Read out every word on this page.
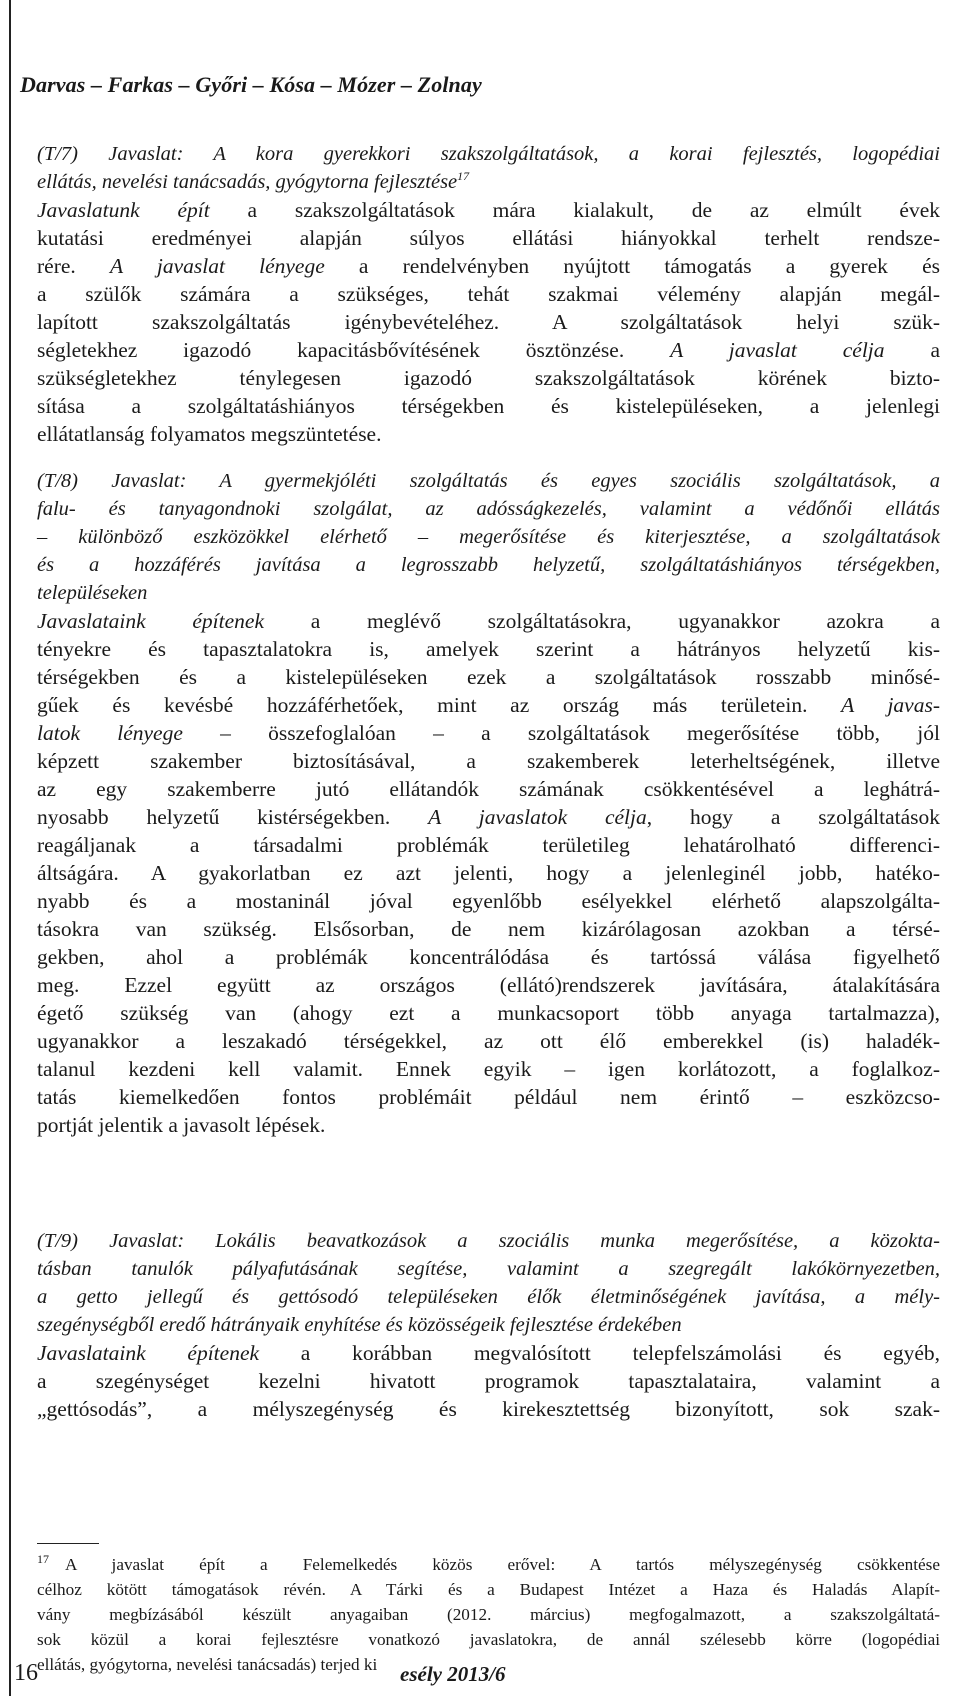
Darvas – Farkas – Győri – Kósa – Mózer – Zolnay
(T/7) Javaslat: A kora gyerekkori szakszolgáltatások, a korai fejlesztés, logopédiai
ellátás, nevelési tanácsadás, gyógytorna fejlesztése$^{17}$
Javaslatunk épít a szakszolgáltatások mára kialakult, de az elmúlt évek
kutatási eredményei alapján súlyos ellátási hiányokkal terhelt rendsze-
rére. A javaslat lényege a rendelvényben nyújtott támogatás a gyerek és
a szülők számára a szükséges, tehát szakmai vélemény alapján megál-
lapított szakszolgáltatás igénybevételéhez. A szolgáltatások helyi szük-
ségletekhez igazodó kapacitásbővítésének ösztönzése. A javaslat célja a
szükségletekhez ténylegesen igazodó szakszolgáltatások körének bizto-
sítása a szolgáltatáshiányos térségekben és kistelepüléseken, a jelenlegi
ellátatlanság folyamatos megszüntetése.
(T/8) Javaslat: A gyermekjóléti szolgáltatás és egyes szociális szolgáltatások, a
falu- és tanyagondnoki szolgálat, az adósságkezelés, valamint a védőnői ellátás
– különböző eszközökkel elérhető – megerősítése és kiterjesztése, a szolgáltatások
és a hozzáférés javítása a legrosszabb helyzetű, szolgáltatáshiányos térségekben,
településeken
Javaslataink építenek a meglévő szolgáltatásokra, ugyanakkor azokra a
tényekre és tapasztalatokra is, amelyek szerint a hátrányos helyzetű kis-
térségekben és a kistelepüléseken ezek a szolgáltatások rosszabb minősé-
gűek és kevésbé hozzáférhetőek, mint az ország más területein. A javas-
latok lényege – összefoglalóan – a szolgáltatások megerősítése több, jól
képzett szakember biztosításával, a szakemberek leterheltségének, illetve
az egy szakemberre jutó ellátandók számának csökkentésével a leghátrá-
nyosabb helyzetű kistérségekben. A javaslatok célja, hogy a szolgáltatások
reagáljanak a társadalmi problémák területileg lehatárolható differenci-
áltságára. A gyakorlatban ez azt jelenti, hogy a jelenleginél jobb, hatéko-
nyabb és a mostaninál jóval egyenlőbb esélyekkel elérhető alapszolgálta-
tásokra van szükség. Elsősorban, de nem kizárólagosan azokban a térsé-
gekben, ahol a problémák koncentrálódása és tartóssá válása figyelhető
meg. Ezzel együtt az országos (ellátó)rendszerek javítására, átalakítására
égető szükség van (ahogy ezt a munkacsoport több anyaga tartalmazza),
ugyanakkor a leszakadó térségekkel, az ott élő emberekkel (is) haladék-
talanul kezdeni kell valamit. Ennek egyik – igen korlátozott, a foglalkoz-
tatás kiemelkedően fontos problémáit például nem érintő – eszközcso-
portját jelentik a javasolt lépések.
(T/9) Javaslat: Lokális beavatkozások a szociális munka megerősítése, a közokta-
tásban tanulók pályafutásának segítése, valamint a szegregált lakókörnyezetben,
a getto jellegű és gettósodó településeken élők életminőségének javítása, a mély-
szegénységből eredő hátrányaik enyhítése és közösségeik fejlesztése érdekében
Javaslataink építenek a korábban megvalósított telepfelszámolási és egyéb,
a szegénységet kezelni hivatott programok tapasztalataira, valamint a
„gettósodás”, a mélyszegénység és kirekesztettség bizonyított, sok szak-
$^{17}$ A javaslat épít a Felemelkedés közös erővel: A tartós mélyszegénység csökkentése
célhoz kötött támogatások révén. A Tárki és a Budapest Intézet a Haza és Haladás Alapít-
vány megbízásából készült anyagaiban (2012. március) megfogalmazott, a szakszolgáltatá-
sok közül a korai fejlesztésre vonatkozó javaslatokra, de annál szélesebb körre (logopédiai
ellátás, gyógytorna, nevelési tanácsadás) terjed ki
16	esély 2013/6
